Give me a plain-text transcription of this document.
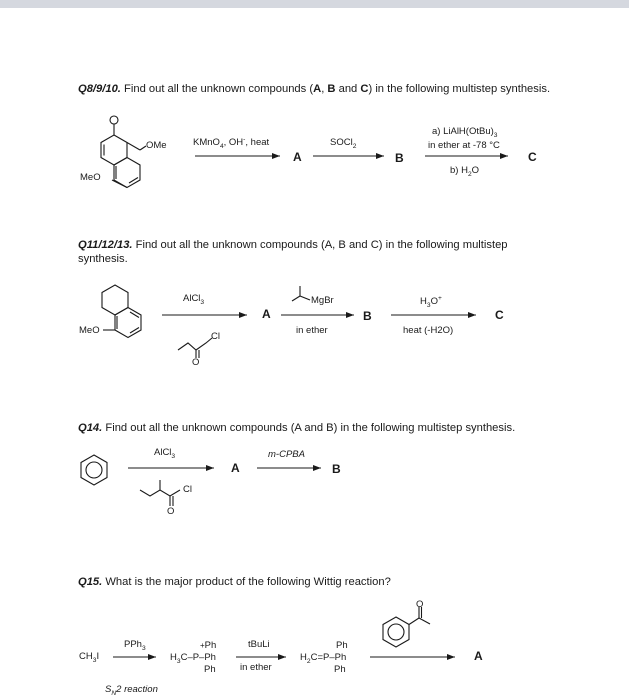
Q8/9/10. Find out all the unknown compounds (A, B and C) in the following multistep synthesis.
OMe
MeO
KMnO$_4$, OH-, heat
A
SOCl$_2$
B
a) $LiAlH(OtBu)_3$
in ether at -78 °C
b) $H_2O$
C
Q11/12/13. Find out all the unknown compounds (A, B and C) in the following multistep
synthesis.
MeO
AlCl$_3$
Cl
O
A
MgBr
in ether
B
$H_3O^+$
heat (-H2O)
C
Q14. Find out all the unknown compounds (A and B) in the following multistep synthesis.
AlCl$_3$
Cl
O
A
m-CPBA
B
Q15. What is the major product of the following Wittig reaction?
$CH_3I$
PPh$_3$
$S_N2$ reaction
+Ph
$H_3C-P-Ph$
Ph
tBuLi
in ether
Ph
$H_2C=P-Ph$
Ph
O
A
